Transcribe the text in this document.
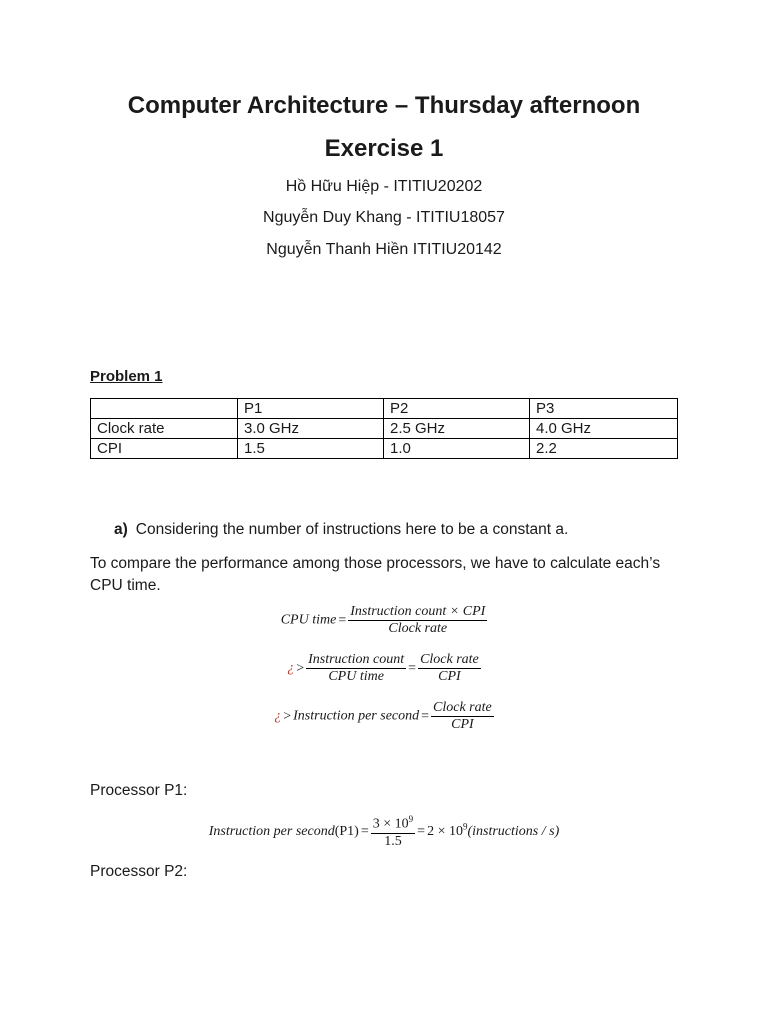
Computer Architecture – Thursday afternoon
Exercise 1
Hồ Hữu Hiệp - ITITIU20202
Nguyễn Duy Khang - ITITIU18057
Nguyễn Thanh Hiền ITITIU20142
Problem 1
	P1	P2	P3
Clock rate	3.0 GHz	2.5 GHz	4.0 GHz
CPI	1.5	1.0	2.2
a) Considering the number of instructions here to be a constant a.

To compare the performance among those processors, we have to calculate each’s CPU time.

CPU time = $\frac{\text{Instruction count × CPI}}{\text{Clock rate}}$
¿ > $\frac{\text{Instruction count}}{\text{CPU time}} = \frac{\text{Clock rate}}{\text{CPI}}$
¿ > Instruction per second = $\frac{\text{Clock rate}}{\text{CPI}}$
Processor P1:
Instruction per second(P1) = $\frac{3 \times 10^9}{1.5} = 2$ × $10^9(instructions / s)$
Processor P2:
